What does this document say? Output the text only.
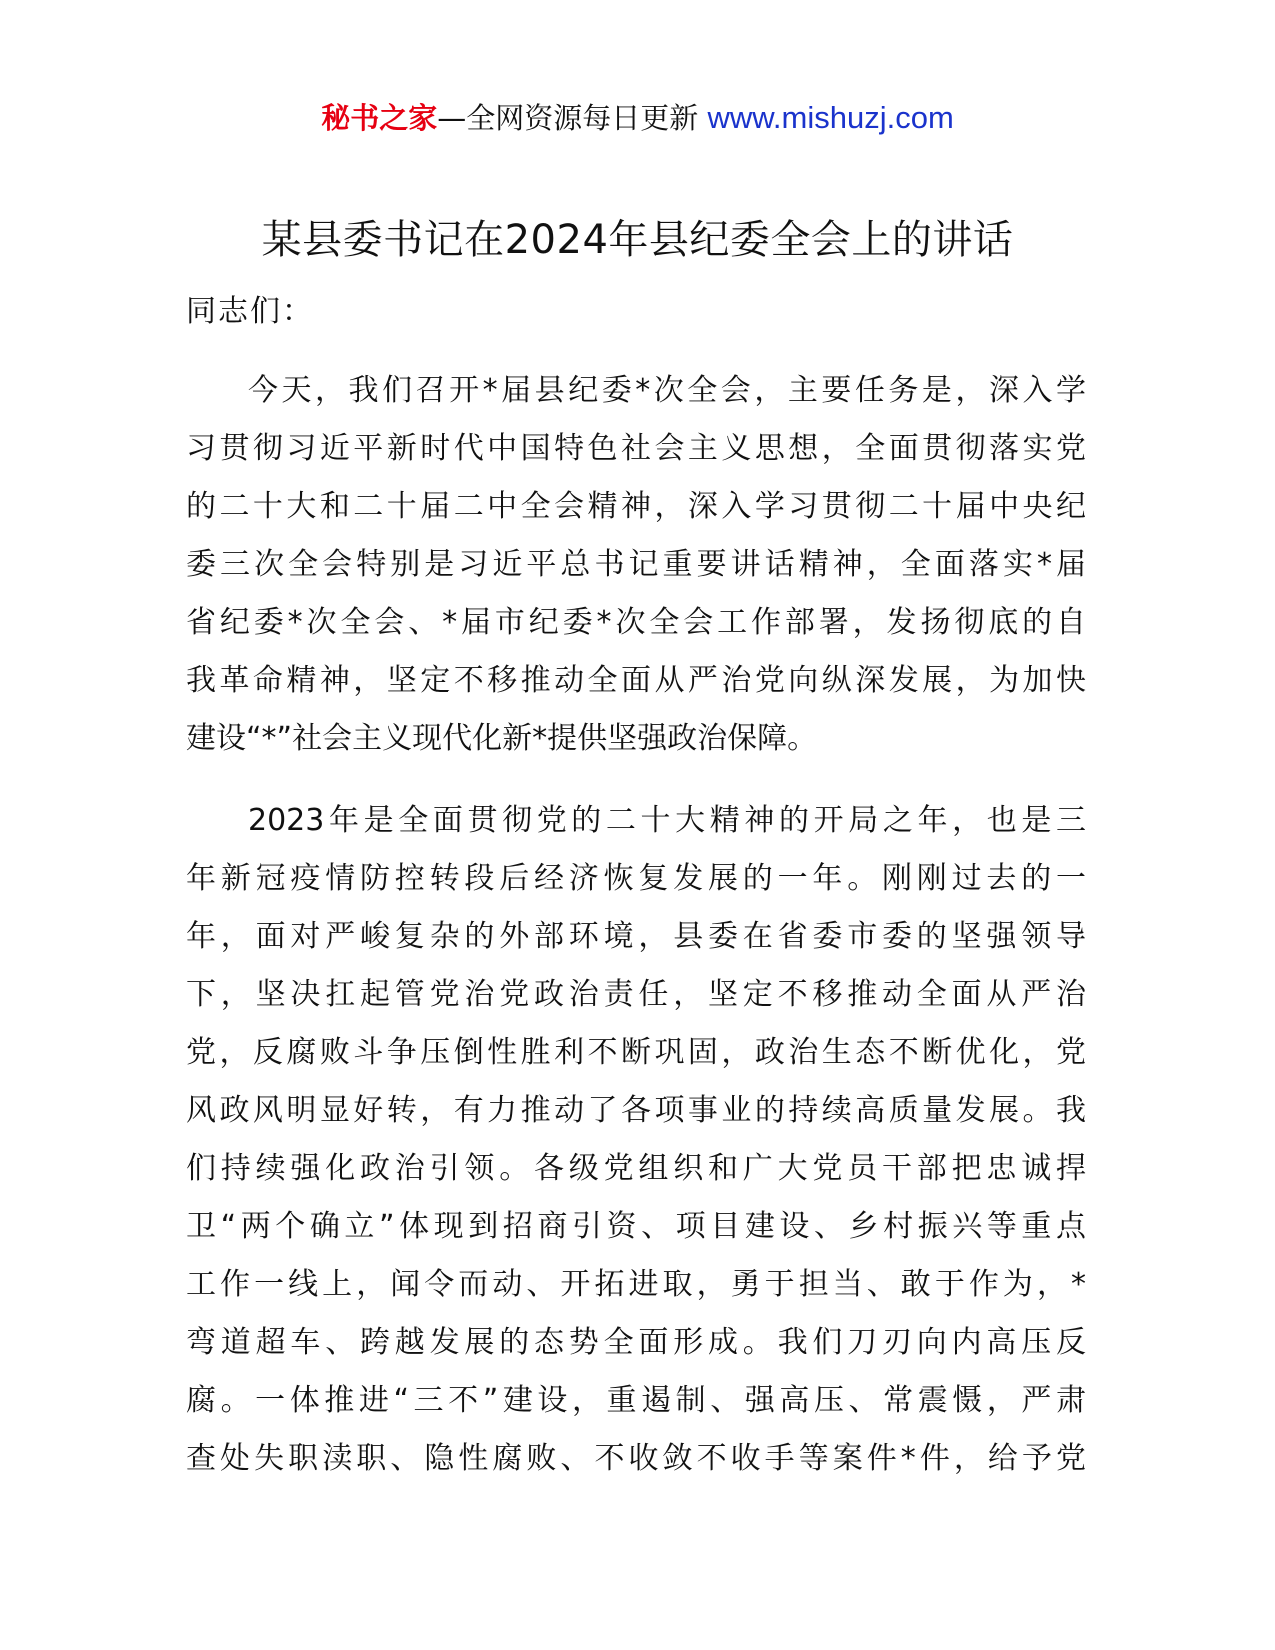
秘书之家—全网资源每日更新 www.mishuzj.com
某县委书记在2024年县纪委全会上的讲话
同志们：
今天，我们召开*届县纪委*次全会，主要任务是，深入学
习贯彻习近平新时代中国特色社会主义思想，全面贯彻落实党
的二十大和二十届二中全会精神，深入学习贯彻二十届中央纪
委三次全会特别是习近平总书记重要讲话精神，全面落实*届
省纪委*次全会、*届市纪委*次全会工作部署，发扬彻底的自
我革命精神，坚定不移推动全面从严治党向纵深发展，为加快
建设“*”社会主义现代化新*提供坚强政治保障。
2023年是全面贯彻党的二十大精神的开局之年，也是三
年新冠疫情防控转段后经济恢复发展的一年。刚刚过去的一
年，面对严峻复杂的外部环境，县委在省委市委的坚强领导
下，坚决扛起管党治党政治责任，坚定不移推动全面从严治
党，反腐败斗争压倒性胜利不断巩固，政治生态不断优化，党
风政风明显好转，有力推动了各项事业的持续高质量发展。我
们持续强化政治引领。各级党组织和广大党员干部把忠诚捍
卫“两个确立”体现到招商引资、项目建设、乡村振兴等重点
工作一线上，闻令而动、开拓进取，勇于担当、敢于作为，*
弯道超车、跨越发展的态势全面形成。我们刀刃向内高压反
腐。一体推进“三不”建设，重遏制、强高压、常震慑，严肃
查处失职渎职、隐性腐败、不收敛不收手等案件*件，给予党
